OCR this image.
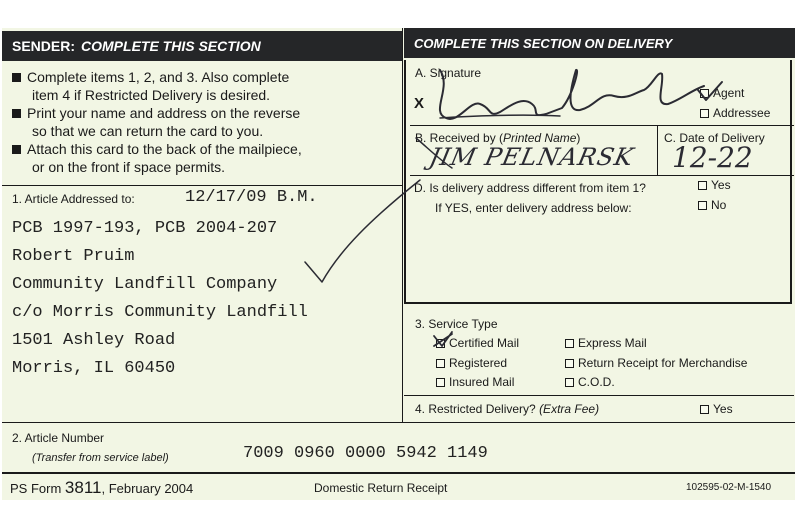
SENDER: COMPLETE THIS SECTION	COMPLETE THIS SECTION ON DELIVERY
Complete items 1, 2, and 3. Also complete
item 4 if Restricted Delivery is desired.
Print your name and address on the reverse
so that we can return the card to you.
Attach this card to the back of the mailpiece,
or on the front if space permits.
1. Article Addressed to:	12/17/09 B.M.
PCB 1997-193, PCB 2004-207
Robert Pruim
Community Landfill Company
c/o Morris Community Landfill
1501 Ashley Road
Morris, IL 60450
A. Signature
X
Agent
Addressee
B. Received by (Printed Name)	C. Date of Delivery
JIM PELNARSK 12-22
D. Is delivery address different from item 1?
If YES, enter delivery address below:
Yes
No
3. Service Type
Certified Mail
Registered
Insured Mail
Express Mail
Return Receipt for Merchandise
C.O.D.
4. Restricted Delivery? (Extra Fee)	Yes
2. Article Number
(Transfer from service label)	7009 0960 0000 5942 1149
PS Form 3811, February 2004	Domestic Return Receipt	102595-02-M-1540
